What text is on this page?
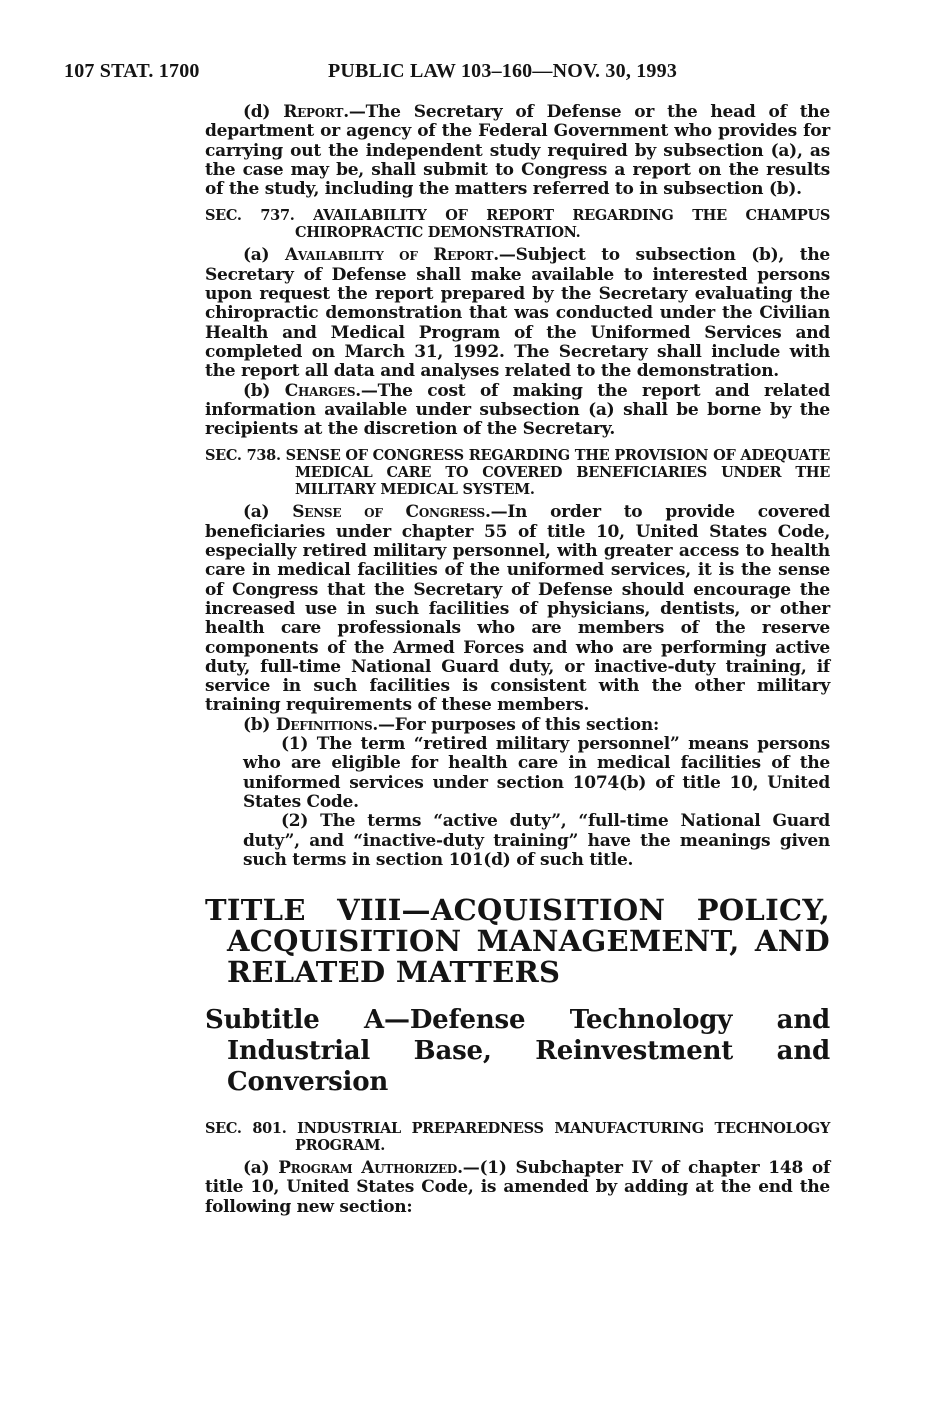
107 STAT. 1700	PUBLIC LAW 103–160—NOV. 30, 1993

(d) Report.—The Secretary of Defense or the head of the department or agency of the Federal Government who provides for carrying out the independent study required by subsection (a), as the case may be, shall submit to Congress a report on the results of the study, including the matters referred to in subsection (b).

SEC. 737. AVAILABILITY OF REPORT REGARDING THE CHAMPUS CHIROPRACTIC DEMONSTRATION.

(a) Availability of Report.—Subject to subsection (b), the Secretary of Defense shall make available to interested persons upon request the report prepared by the Secretary evaluating the chiropractic demonstration that was conducted under the Civilian Health and Medical Program of the Uniformed Services and completed on March 31, 1992. The Secretary shall include with the report all data and analyses related to the demonstration.

(b) Charges.—The cost of making the report and related information available under subsection (a) shall be borne by the recipients at the discretion of the Secretary.

SEC. 738. SENSE OF CONGRESS REGARDING THE PROVISION OF ADEQUATE MEDICAL CARE TO COVERED BENEFICIARIES UNDER THE MILITARY MEDICAL SYSTEM.

(a) Sense of Congress.—In order to provide covered beneficiaries under chapter 55 of title 10, United States Code, especially retired military personnel, with greater access to health care in medical facilities of the uniformed services, it is the sense of Congress that the Secretary of Defense should encourage the increased use in such facilities of physicians, dentists, or other health care professionals who are members of the reserve components of the Armed Forces and who are performing active duty, full-time National Guard duty, or inactive-duty training, if service in such facilities is consistent with the other military training requirements of these members.

(b) Definitions.—For purposes of this section:

(1) The term “retired military personnel” means persons who are eligible for health care in medical facilities of the uniformed services under section 1074(b) of title 10, United States Code.

(2) The terms “active duty”, “full-time National Guard duty”, and “inactive-duty training” have the meanings given such terms in section 101(d) of such title.

TITLE VIII—ACQUISITION POLICY, ACQUISITION MANAGEMENT, AND RELATED MATTERS

Subtitle A—Defense Technology and Industrial Base, Reinvestment and Conversion

SEC. 801. INDUSTRIAL PREPAREDNESS MANUFACTURING TECHNOLOGY PROGRAM.

(a) Program Authorized.—(1) Subchapter IV of chapter 148 of title 10, United States Code, is amended by adding at the end the following new section:
